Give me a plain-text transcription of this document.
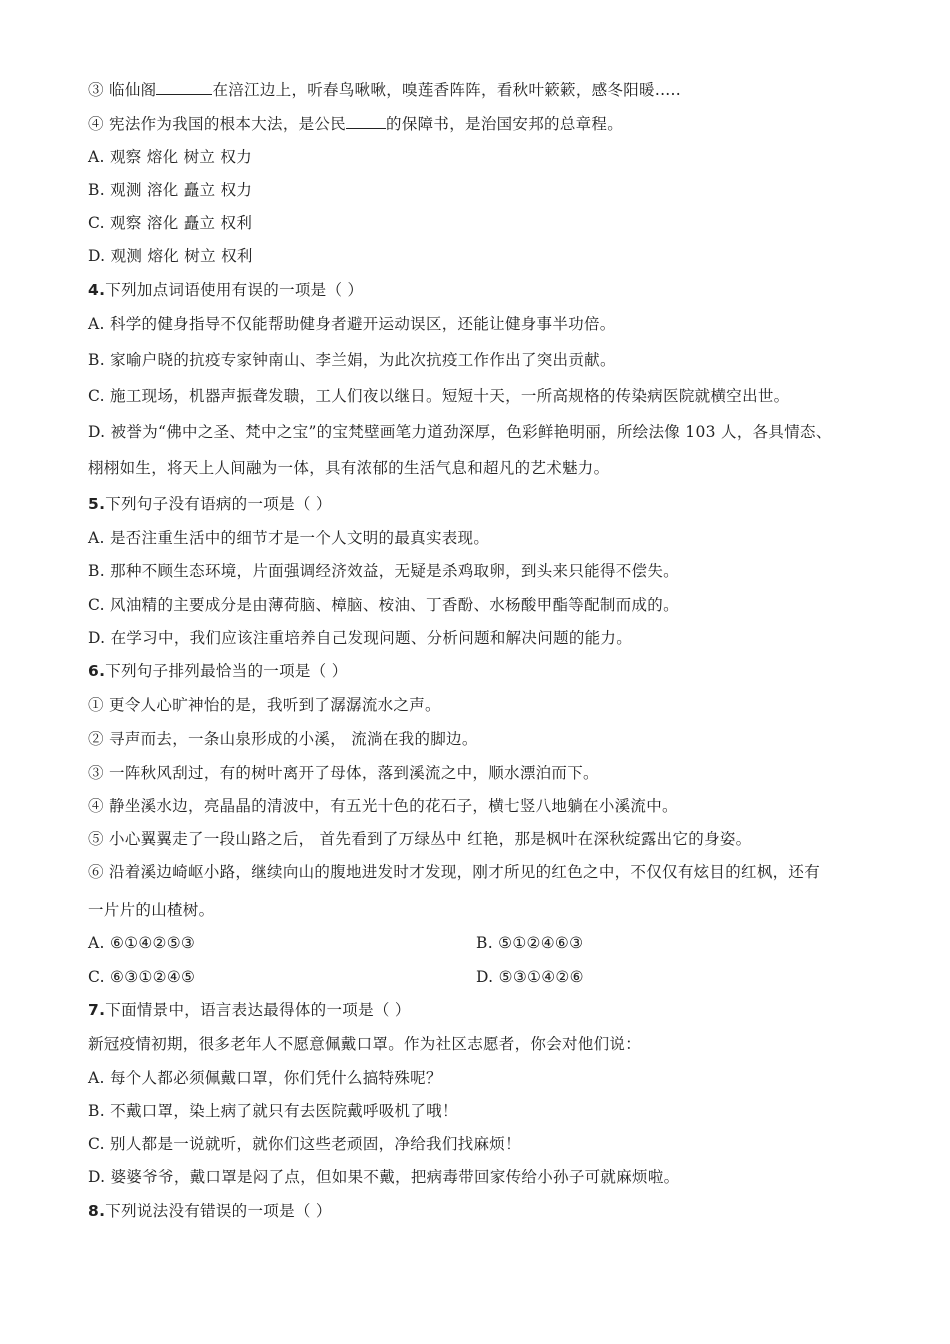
③ 临仙阁	在涪江边上，听春鸟啾啾，嗅莲香阵阵，看秋叶簌簌，感冬阳暖.....
④ 宪法作为我国的根本大法，是公民	的保障书，是治国安邦的总章程。
A. 观察 熔化 树立 权力
B. 观测 溶化 矗立 权力
C. 观察 溶化 矗立 权利
D. 观测 熔化 树立 权利
4.下列加点词语使用有误的一项是（ ）
A. 科学的健身指导不仅能帮助健身者避开运动误区，还能让健身事半功倍。
B. 家喻户晓的抗疫专家钟南山、李兰娟，为此次抗疫工作作出了突出贡献。
C. 施工现场，机器声振聋发聩，工人们夜以继日。短短十天，一所高规格的传染病医院就横空出世。
D. 被誉为“佛中之圣、梵中之宝”的宝梵壁画笔力道劲深厚，色彩鲜艳明丽，所绘法像 103 人，各具情态、
栩栩如生，将天上人间融为一体，具有浓郁的生活气息和超凡的艺术魅力。
5.下列句子没有语病的一项是（ ）
A. 是否注重生活中的细节才是一个人文明的最真实表现。
B. 那种不顾生态环境，片面强调经济效益，无疑是杀鸡取卵，到头来只能得不偿失。
C. 风油精的主要成分是由薄荷脑、樟脑、桉油、丁香酚、水杨酸甲酯等配制而成的。
D. 在学习中，我们应该注重培养自己发现问题、分析问题和解决问题的能力。
6.下列句子排列最恰当的一项是（ ）
① 更令人心旷神怡的是，我听到了潺潺流水之声。
② 寻声而去，一条山泉形成的小溪， 流淌在我的脚边。
③ 一阵秋风刮过，有的树叶离开了母体，落到溪流之中，顺水漂泊而下。
④ 静坐溪水边，亮晶晶的清波中，有五光十色的花石子，横七竖八地躺在小溪流中。
⑤ 小心翼翼走了一段山路之后， 首先看到了万绿丛中 红艳，那是枫叶在深秋绽露出它的身姿。
⑥ 沿着溪边崎岖小路，继续向山的腹地进发时才发现，刚才所见的红色之中，不仅仅有炫目的红枫，还有
一片片的山楂树。
A. ⑥①④②⑤③	B. ⑤①②④⑥③
C. ⑥③①②④⑤	D. ⑤③①④②⑥
7.下面情景中，语言表达最得体的一项是（ ）
新冠疫情初期，很多老年人不愿意佩戴口罩。作为社区志愿者，你会对他们说：
A. 每个人都必须佩戴口罩，你们凭什么搞特殊呢？
B. 不戴口罩，染上病了就只有去医院戴呼吸机了哦！
C. 别人都是一说就听，就你们这些老顽固，净给我们找麻烦！
D. 婆婆爷爷，戴口罩是闷了点，但如果不戴，把病毒带回家传给小孙子可就麻烦啦。
8.下列说法没有错误的一项是（ ）
